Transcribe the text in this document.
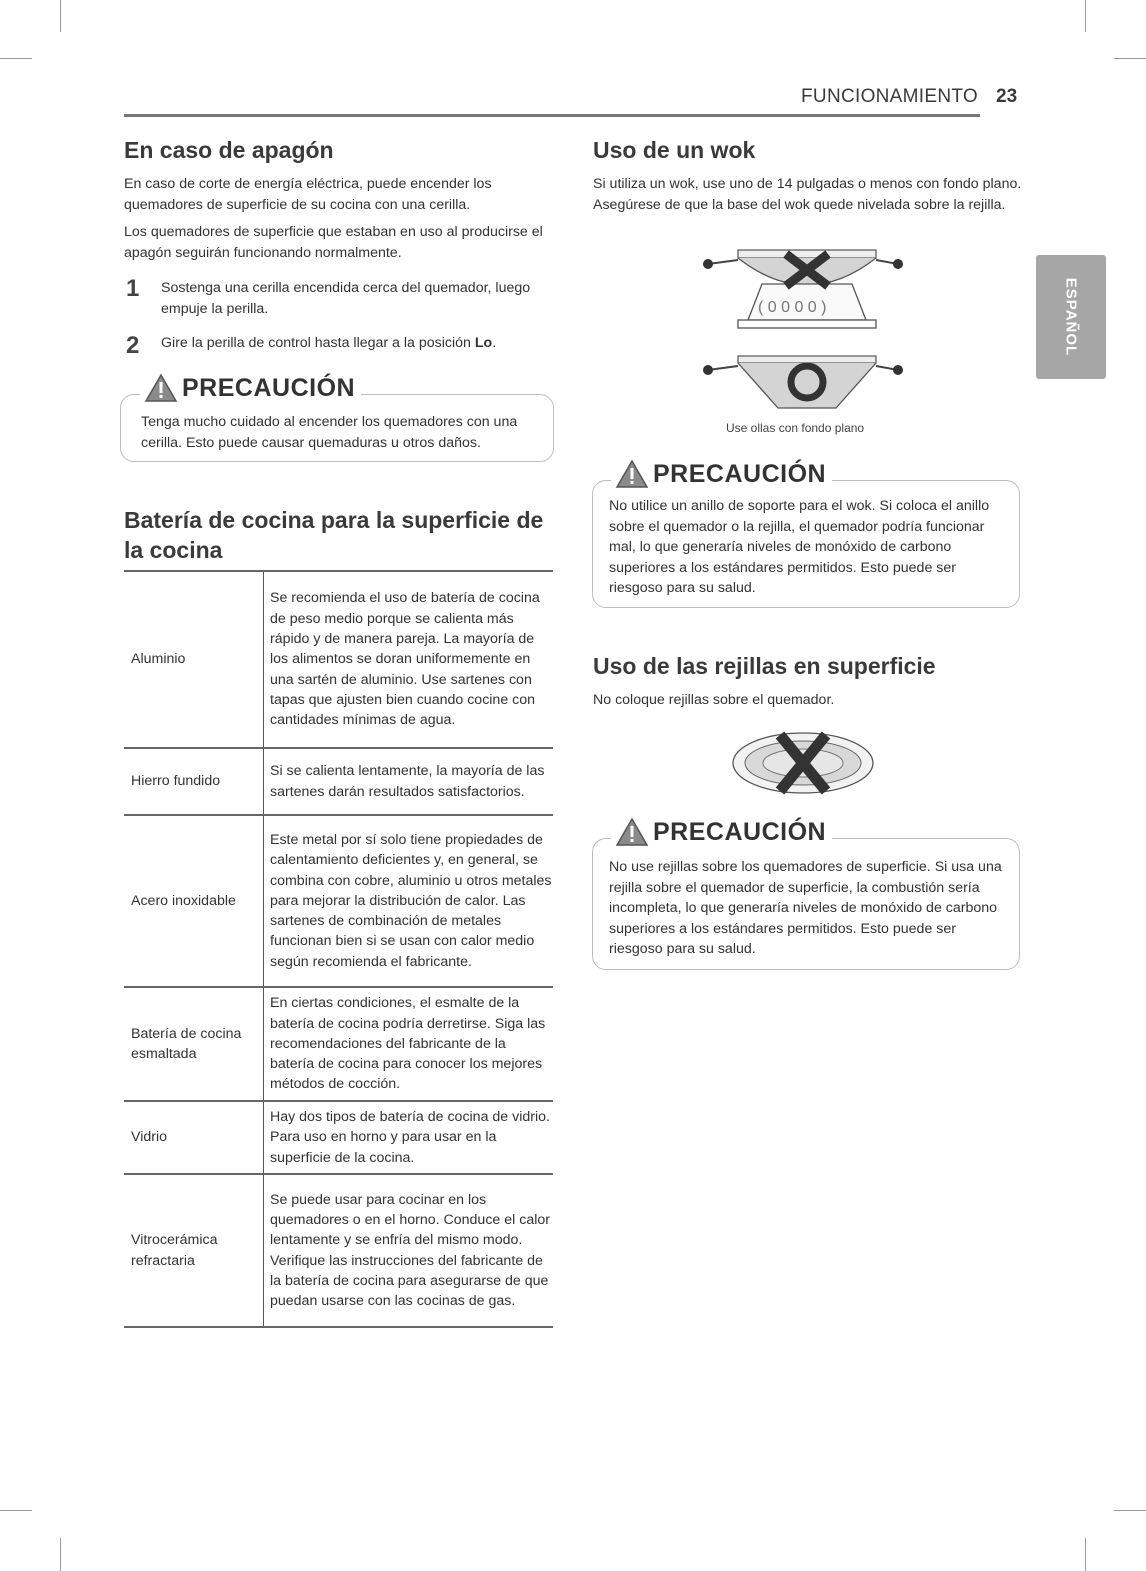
FUNCIONAMIENTO 23
ESPAÑOL
En caso de apagón
En caso de corte de energía eléctrica, puede encender los quemadores de superficie de su cocina con una cerilla.
Los quemadores de superficie que estaban en uso al producirse el apagón seguirán funcionando normalmente.
1 Sostenga una cerilla encendida cerca del quemador, luego empuje la perilla.
2 Gire la perilla de control hasta llegar a la posición Lo.
PRECAUCIÓN
Tenga mucho cuidado al encender los quemadores con una cerilla. Esto puede causar quemaduras u otros daños.
Batería de cocina para la superficie de la cocina
Aluminio	Se recomienda el uso de batería de cocina de peso medio porque se calienta más rápido y de manera pareja. La mayoría de los alimentos se doran uniformemente en una sartén de aluminio. Use sartenes con tapas que ajusten bien cuando cocine con cantidades mínimas de agua.
Hierro fundido	Si se calienta lentamente, la mayoría de las sartenes darán resultados satisfactorios.
Acero inoxidable	Este metal por sí solo tiene propiedades de calentamiento deficientes y, en general, se combina con cobre, aluminio u otros metales para mejorar la distribución de calor. Las sartenes de combinación de metales funcionan bien si se usan con calor medio según recomienda el fabricante.
Batería de cocina esmaltada	En ciertas condiciones, el esmalte de la batería de cocina podría derretirse. Siga las recomendaciones del fabricante de la batería de cocina para conocer los mejores métodos de cocción.
Vidrio	Hay dos tipos de batería de cocina de vidrio. Para uso en horno y para usar en la superficie de la cocina.
Vitrocerámica refractaria	Se puede usar para cocinar en los quemadores o en el horno. Conduce el calor lentamente y se enfría del mismo modo. Verifique las instrucciones del fabricante de la batería de cocina para asegurarse de que puedan usarse con las cocinas de gas.
Uso de un wok
Si utiliza un wok, use uno de 14 pulgadas o menos con fondo plano. Asegúrese de que la base del wok quede nivelada sobre la rejilla.
( 0 0 0 0 )
Use ollas con fondo plano
PRECAUCIÓN
No utilice un anillo de soporte para el wok. Si coloca el anillo sobre el quemador o la rejilla, el quemador podría funcionar mal, lo que generaría niveles de monóxido de carbono superiores a los estándares permitidos. Esto puede ser riesgoso para su salud.
Uso de las rejillas en superficie
No coloque rejillas sobre el quemador.
PRECAUCIÓN
No use rejillas sobre los quemadores de superficie. Si usa una rejilla sobre el quemador de superficie, la combustión sería incompleta, lo que generaría niveles de monóxido de carbono superiores a los estándares permitidos. Esto puede ser riesgoso para su salud.
